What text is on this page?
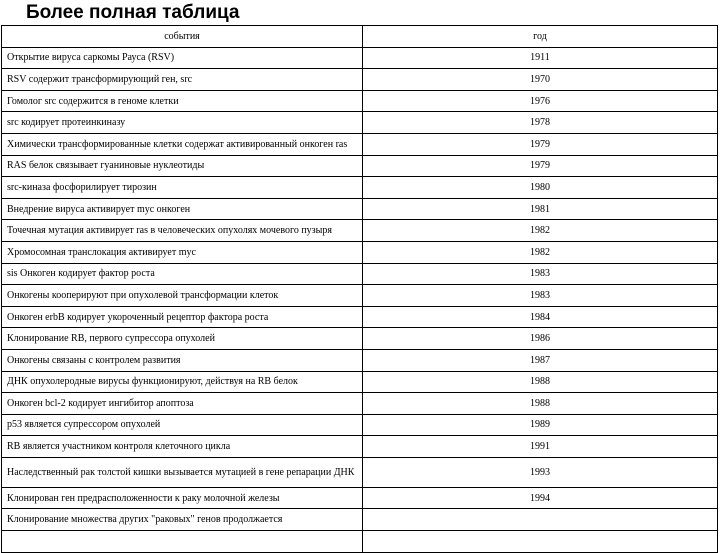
Более полная таблица
события	год
Открытие вируса саркомы Рауса (RSV)	1911
RSV содержит трансформирующий ген, src	1970
Гомолог src содержится в геноме клетки	1976
src кодирует протеинкиназу	1978
Химически трансформированные клетки содержат активированный онкоген ras	1979
RAS белок связывает гуаниновые нуклеотиды	1979
src-киназа фосфорилирует тирозин	1980
Внедрение вируса активирует myc онкоген	1981
Точечная мутация активирует ras в человеческих опухолях мочевого пузыря	1982
Хромосомная транслокация активирует myc	1982
sis Онкоген кодирует фактор роста	1983
Онкогены кооперируют при опухолевой трансформации клеток	1983
Онкоген erbB кодирует укороченный рецептор фактора роста	1984
Клонирование RB, первого супрессора опухолей	1986
Онкогены связаны с контролем развития	1987
ДНК опухолеродные вирусы функционируют, действуя на RB белок	1988
Онкоген bcl-2 кодирует ингибитор апоптоза	1988
p53 является супрессором опухолей	1989
RB является участником контроля клеточного цикла	1991
Наследственный рак толстой кишки вызывается мутацией в гене репарации ДНК	1993
Клонирован ген предрасположенности к раку молочной железы	1994
Клонирование множества других "раковых" генов продолжается	
